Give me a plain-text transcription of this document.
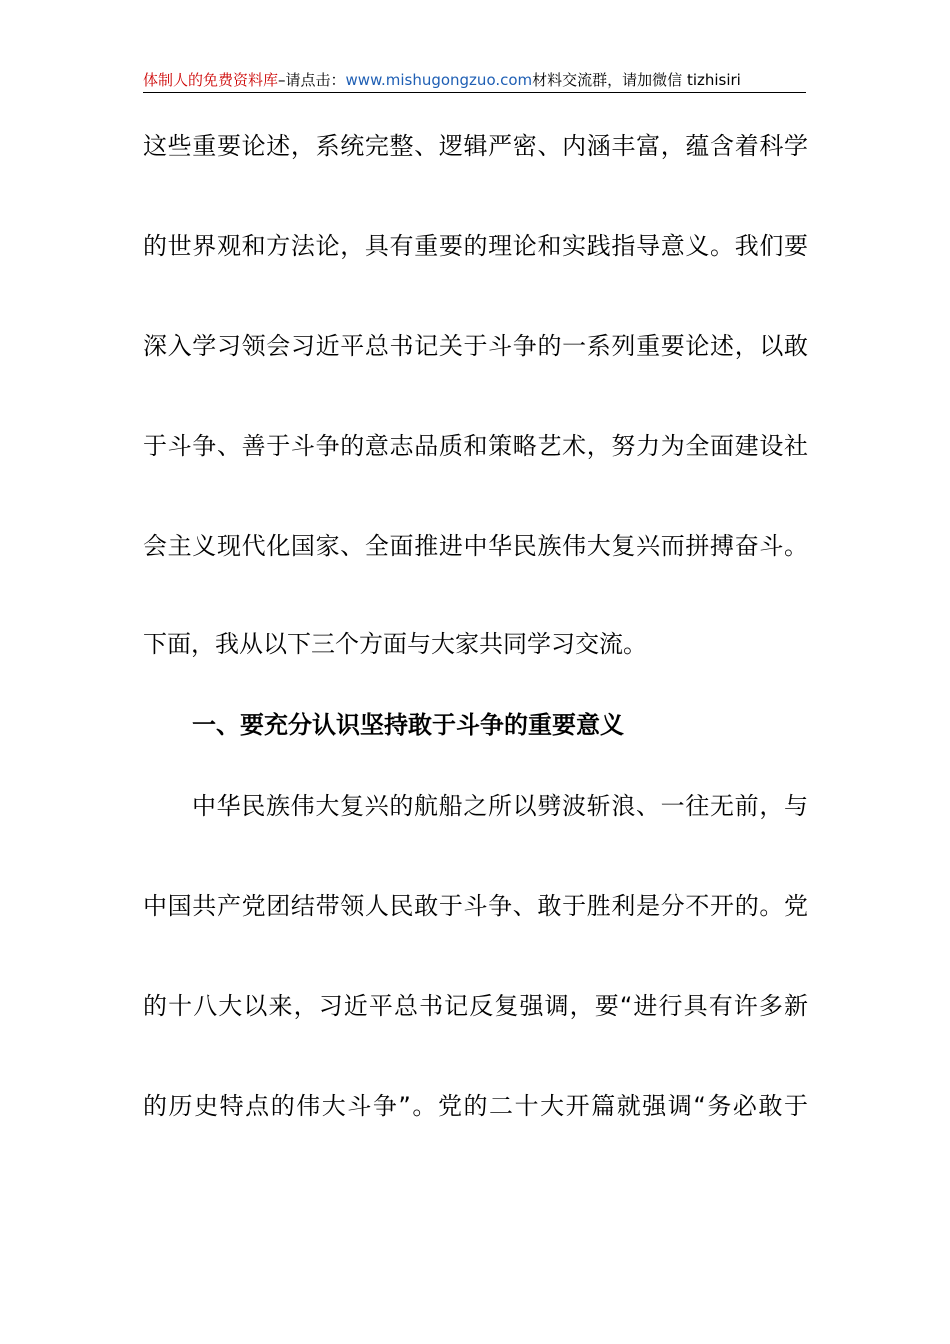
体制人的免费资料库–请点击：www.mishugongzuo.com材料交流群，请加微信 tizhisiri
这些重要论述，系统完整、逻辑严密、内涵丰富，蕴含着科学
的世界观和方法论，具有重要的理论和实践指导意义。我们要
深入学习领会习近平总书记关于斗争的一系列重要论述，以敢
于斗争、善于斗争的意志品质和策略艺术，努力为全面建设社
会主义现代化国家、全面推进中华民族伟大复兴而拼搏奋斗。
下面，我从以下三个方面与大家共同学习交流。
一、要充分认识坚持敢于斗争的重要意义
中华民族伟大复兴的航船之所以劈波斩浪、一往无前，与
中国共产党团结带领人民敢于斗争、敢于胜利是分不开的。党
的十八大以来，习近平总书记反复强调，要“进行具有许多新
的历史特点的伟大斗争”。党的二十大开篇就强调“务必敢于
